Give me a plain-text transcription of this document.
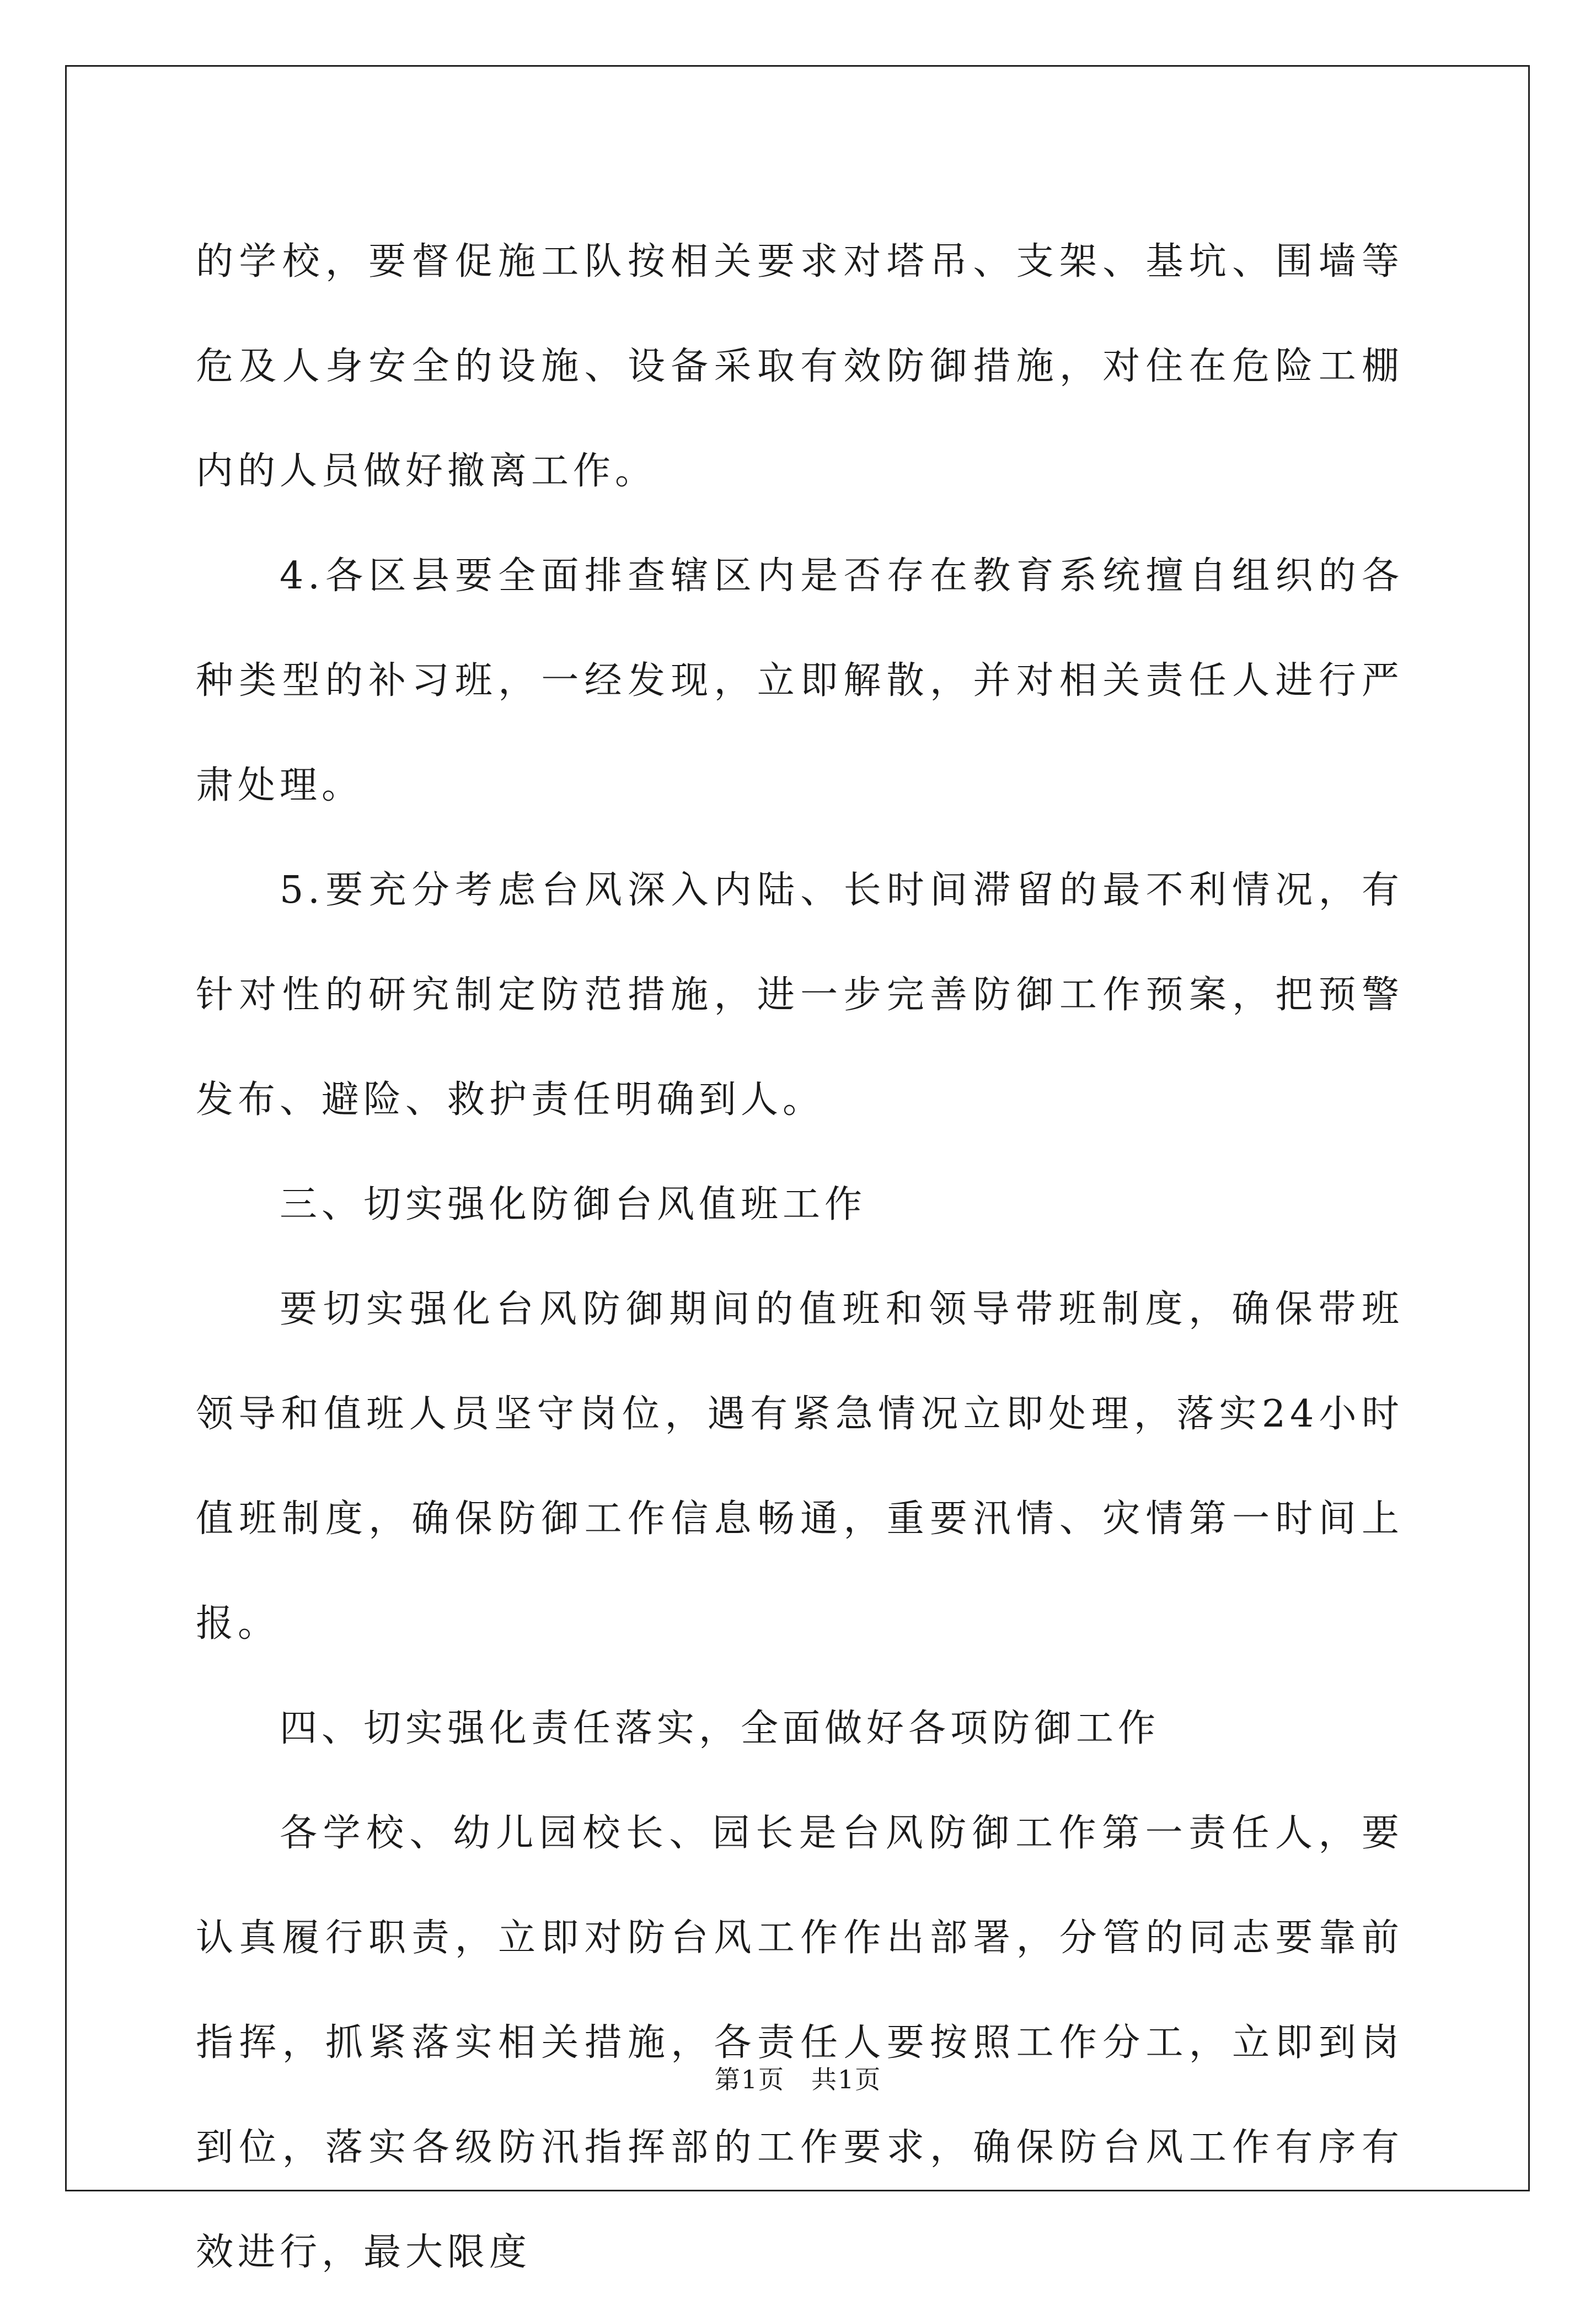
的学校，要督促施工队按相关要求对塔吊、支架、基坑、围墙等危及人身安全的设施、设备采取有效防御措施，对住在危险工棚内的人员做好撤离工作。

4.各区县要全面排查辖区内是否存在教育系统擅自组织的各种类型的补习班，一经发现，立即解散，并对相关责任人进行严肃处理。

5.要充分考虑台风深入内陆、长时间滞留的最不利情况，有针对性的研究制定防范措施，进一步完善防御工作预案，把预警发布、避险、救护责任明确到人。

三、切实强化防御台风值班工作

要切实强化台风防御期间的值班和领导带班制度，确保带班领导和值班人员坚守岗位，遇有紧急情况立即处理，落实24小时值班制度，确保防御工作信息畅通，重要汛情、灾情第一时间上报。

四、切实强化责任落实，全面做好各项防御工作

各学校、幼儿园校长、园长是台风防御工作第一责任人，要认真履行职责，立即对防台风工作作出部署，分管的同志要靠前指挥，抓紧落实相关措施，各责任人要按照工作分工，立即到岗到位，落实各级防汛指挥部的工作要求，确保防台风工作有序有效进行，最大限度

第1页　共1页
